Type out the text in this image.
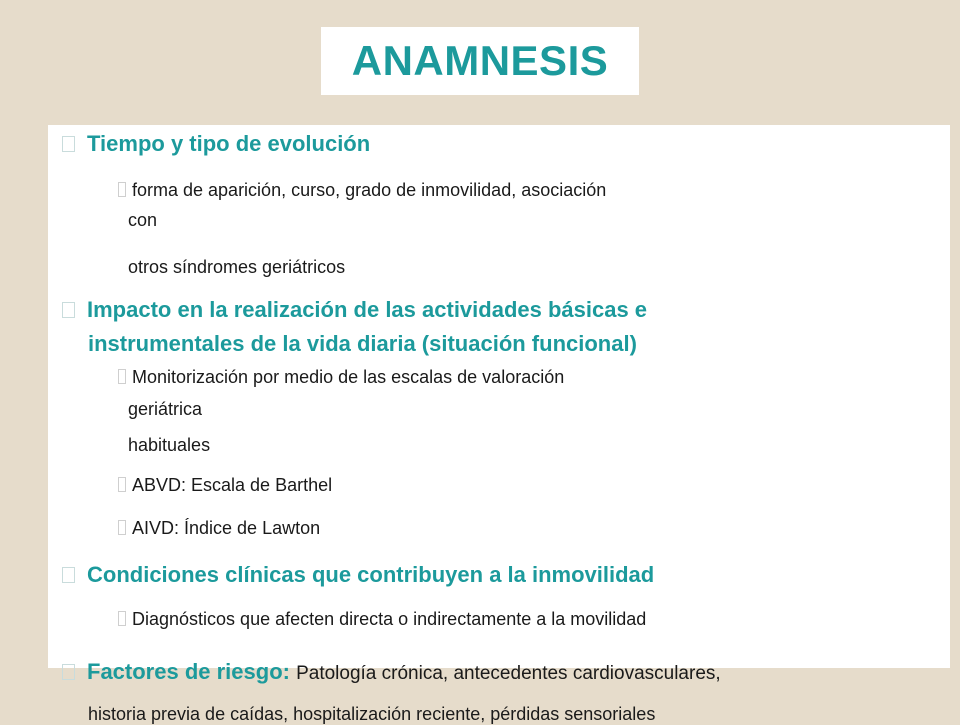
ANAMNESIS
Tiempo y tipo de evolución
forma de aparición, curso, grado de inmovilidad, asociación
con
otros síndromes geriátricos
Impacto en la realización de las actividades básicas e
instrumentales de la vida diaria (situación funcional)
Monitorización por medio de las escalas de valoración
geriátrica
habituales
ABVD: Escala de Barthel
AIVD: Índice de Lawton
Condiciones clínicas que contribuyen a la inmovilidad
Diagnósticos que afecten directa o indirectamente a la movilidad
Factores de riesgo: Patología crónica, antecedentes cardiovasculares,
historia previa de caídas, hospitalización reciente, pérdidas sensoriales
